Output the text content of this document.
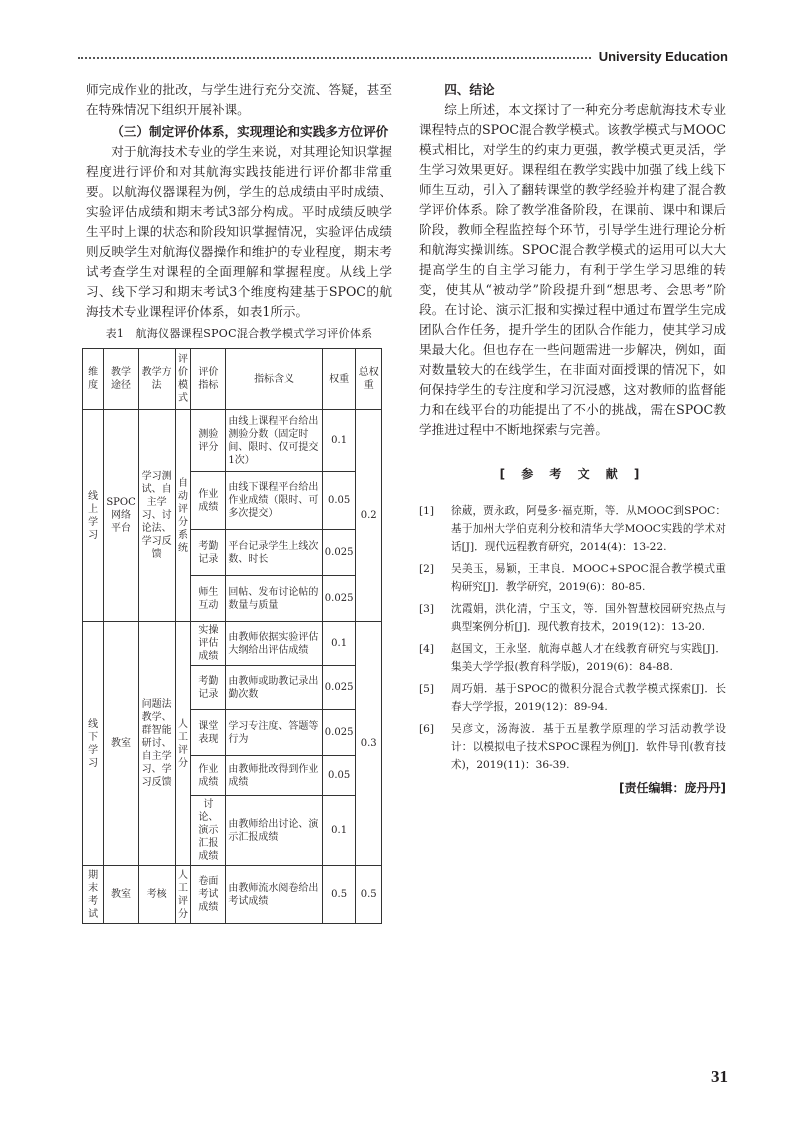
University Education

师完成作业的批改，与学生进行充分交流、答疑，甚至在特殊情况下组织开展补课。

（三）制定评价体系，实现理论和实践多方位评价

对于航海技术专业的学生来说，对其理论知识掌握程度进行评价和对其航海实践技能进行评价都非常重要。以航海仪器课程为例，学生的总成绩由平时成绩、实验评估成绩和期末考试3部分构成。平时成绩反映学生平时上课的状态和阶段知识掌握情况，实验评估成绩则反映学生对航海仪器操作和维护的专业程度，期末考试考查学生对课程的全面理解和掌握程度。从线上学习、线下学习和期末考试3个维度构建基于SPOC的航海技术专业课程评价体系，如表1所示。

表1　航海仪器课程SPOC混合教学模式学习评价体系
维度	教学途径	教学方法	评价模式	评价指标	指标含义	权重	总权重
线上学习	SPOC网络平台	学习测试、自主学习、讨论法、学习反馈	自动评分系统	测验评分	由线上课程平台给出测验分数（固定时间、限时、仅可提交1次）	0.1	0.2
				作业成绩	由线下课程平台给出作业成绩（限时、可多次提交）	0.05	
				考勤记录	平台记录学生上线次数、时长	0.025	
				师生互动	回帖、发布讨论帖的数量与质量	0.025	
线下学习	教室	问题法教学、群智能研讨、自主学习、学习反馈	人工评分	实操评估成绩	由教师依据实验评估大纲给出评估成绩	0.1	0.3
				考勤记录	由教师或助教记录出勤次数	0.025	
				课堂表现	学习专注度、答题等行为	0.025	
				作业成绩	由教师批改得到作业成绩	0.05	
				讨论、演示汇报成绩	由教师给出讨论、演示汇报成绩	0.1	
期末考试	教室	考核	人工评分	卷面考试成绩	由教师流水阅卷给出考试成绩	0.5	0.5

四、结论

综上所述，本文探讨了一种充分考虑航海技术专业课程特点的SPOC混合教学模式。该教学模式与MOOC模式相比，对学生的约束力更强，教学模式更灵活，学生学习效果更好。课程组在教学实践中加强了线上线下师生互动，引入了翻转课堂的教学经验并构建了混合教学评价体系。除了教学准备阶段，在课前、课中和课后阶段，教师全程监控每个环节，引导学生进行理论分析和航海实操训练。SPOC混合教学模式的运用可以大大提高学生的自主学习能力，有利于学生学习思维的转变，使其从“被动学”阶段提升到“想思考、会思考”阶段。在讨论、演示汇报和实操过程中通过布置学生完成团队合作任务，提升学生的团队合作能力，使其学习成果最大化。但也存在一些问题需进一步解决，例如，面对数量较大的在线学生，在非面对面授课的情况下，如何保持学生的专注度和学习沉浸感，这对教师的监督能力和在线平台的功能提出了不小的挑战，需在SPOC教学推进过程中不断地探索与完善。

[ 参 考 文 献 ]
[1]	徐葳，贾永政，阿曼多·福克斯，等．从MOOC到SPOC：基于加州大学伯克利分校和清华大学MOOC实践的学术对话[J]．现代远程教育研究，2014(4)：13-22.
[2]	吴美玉，易颖，王聿良．MOOC+SPOC混合教学模式重构研究[J]．教学研究，2019(6)：80-85.
[3]	沈霞娟，洪化清，宁玉文，等．国外智慧校园研究热点与典型案例分析[J]．现代教育技术，2019(12)：13-20.
[4]	赵国文，王永坚．航海卓越人才在线教育研究与实践[J]．集美大学学报(教育科学版)，2019(6)：84-88.
[5]	周巧娟．基于SPOC的微积分混合式教学模式探索[J]．长春大学学报，2019(12)：89-94.
[6]	吴彦文，汤海波．基于五星教学原理的学习活动教学设计：以模拟电子技术SPOC课程为例[J]．软件导刊(教育技术)，2019(11)：36-39.
[责任编辑：庞丹丹]
31
